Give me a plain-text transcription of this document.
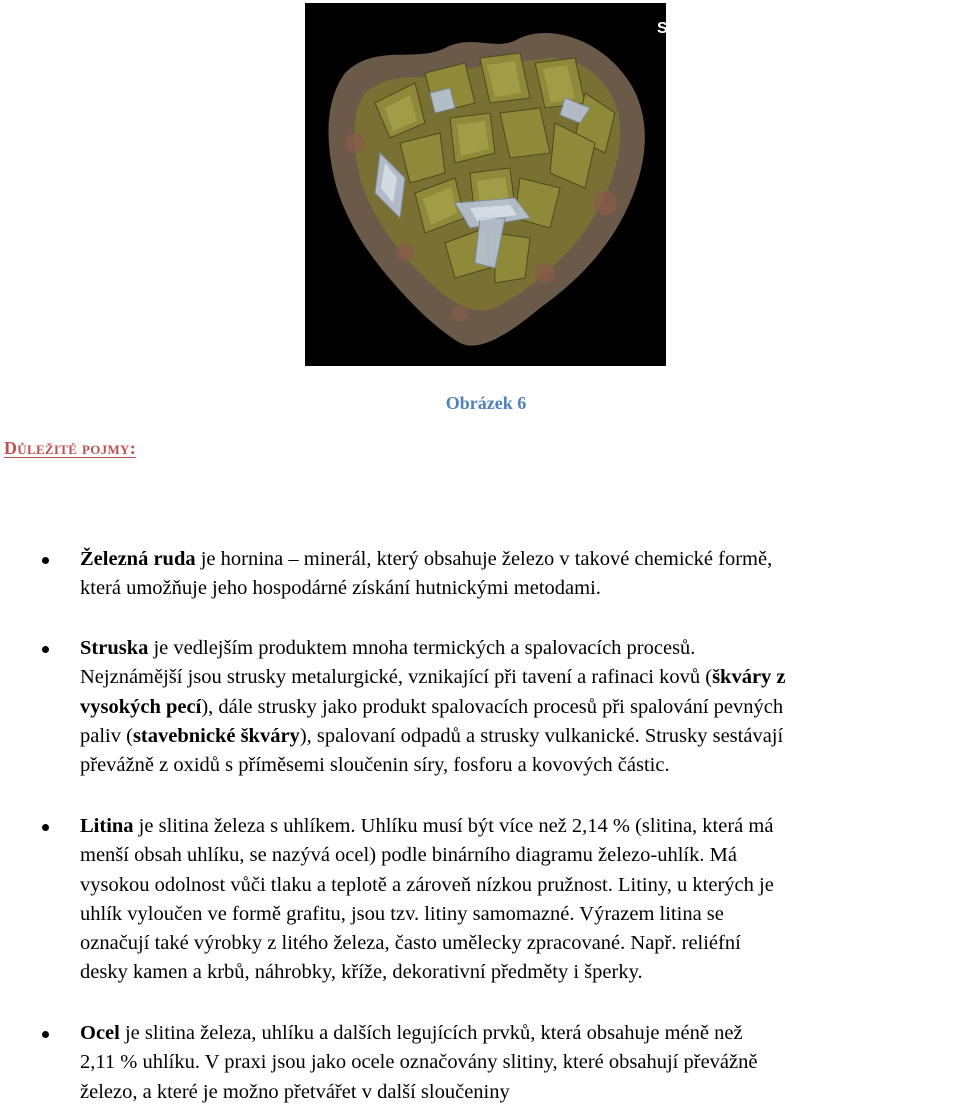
SIDERIT
Obrázek 6
Důležité pojmy:
Železná ruda je hornina – minerál, který obsahuje železo v takové chemické formě,
která umožňuje jeho hospodárné získání hutnickými metodami.
Struska je vedlejším produktem mnoha termických a spalovacích procesů.
Nejznámější jsou strusky metalurgické, vznikající při tavení a rafinaci kovů (škváry z
vysokých pecí), dále strusky jako produkt spalovacích procesů při spalování pevných
paliv (stavebnické škváry), spalovaní odpadů a strusky vulkanické. Strusky sestávají
převážně z oxidů s příměsemi sloučenin síry, fosforu a kovových částic.
Litina je slitina železa s uhlíkem. Uhlíku musí být více než 2,14 % (slitina, která má
menší obsah uhlíku, se nazývá ocel) podle binárního diagramu železo-uhlík. Má
vysokou odolnost vůči tlaku a teplotě a zároveň nízkou pružnost. Litiny, u kterých je
uhlík vyloučen ve formě grafitu, jsou tzv. litiny samomazné. Výrazem litina se
označují také výrobky z litého železa, často umělecky zpracované. Např. reliéfní
desky kamen a krbů, náhrobky, kříže, dekorativní předměty i šperky.
Ocel je slitina železa, uhlíku a dalších legujících prvků, která obsahuje méně než
2,11 % uhlíku. V praxi jsou jako ocele označovány slitiny, které obsahují převážně
železo, a které je možno přetvářet v další sloučeniny
